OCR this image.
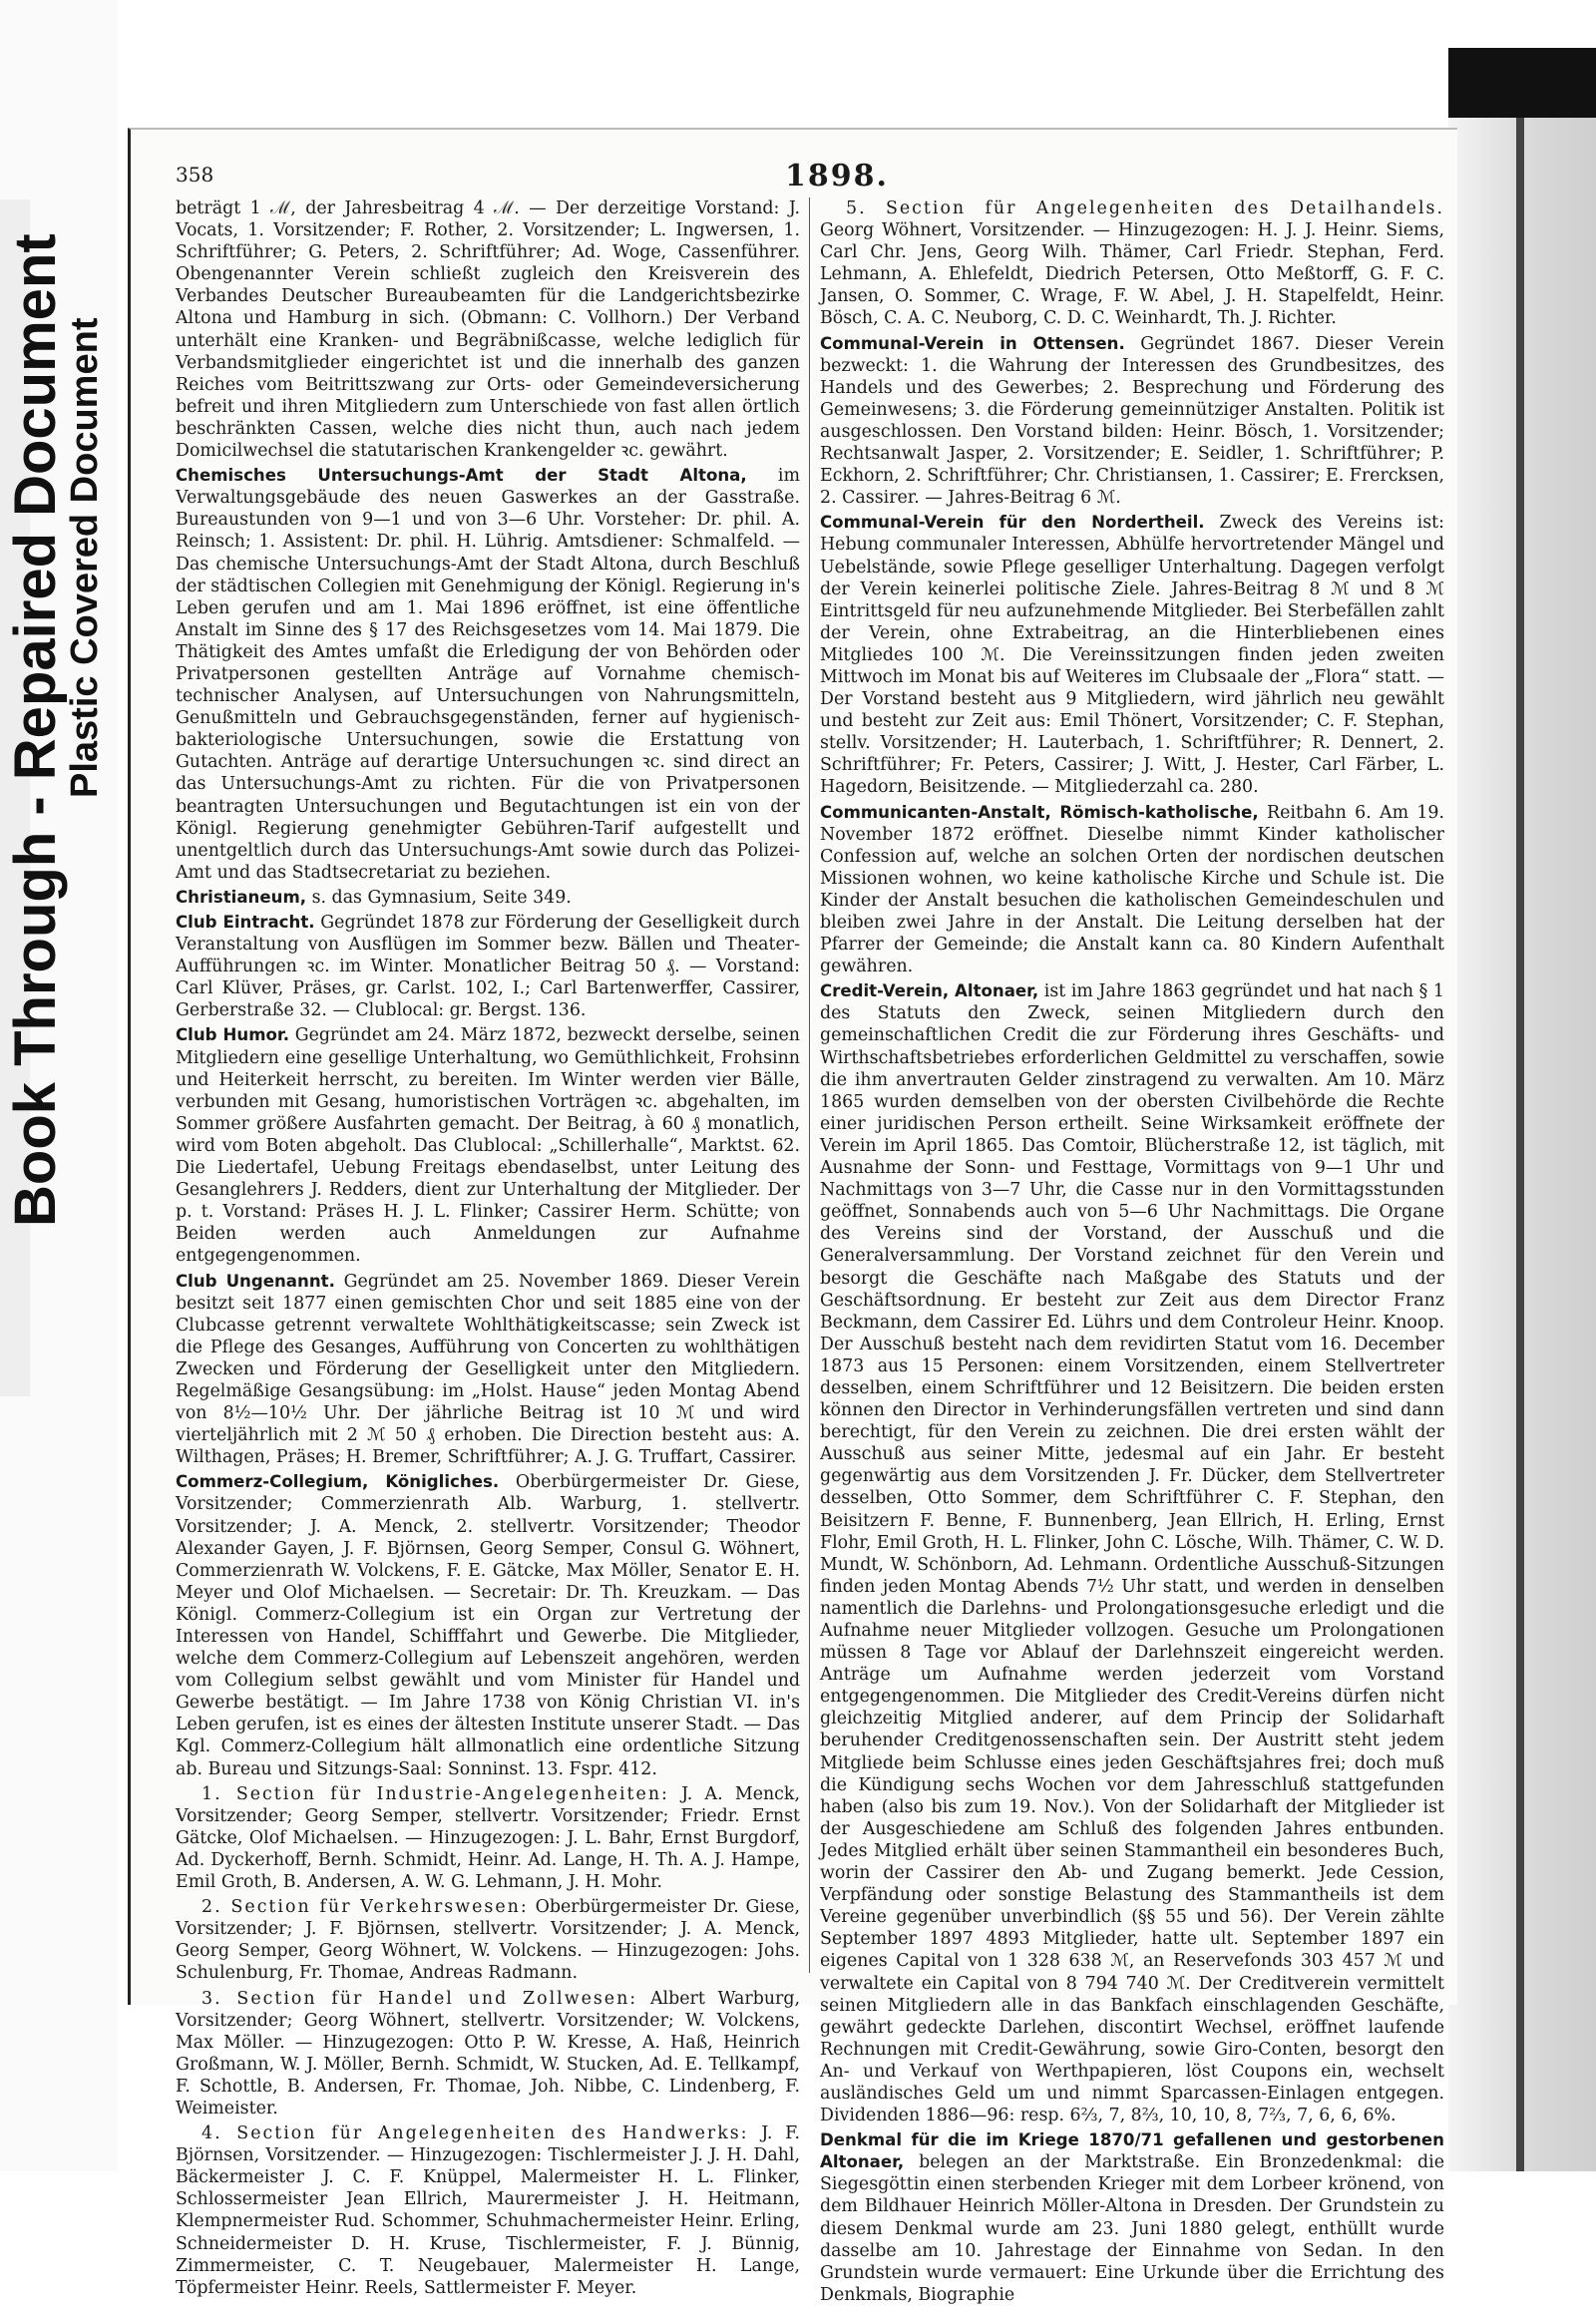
Book Through - Repaired Document
Plastic Covered Document
358	1898.

beträgt 1 ℳ, der Jahresbeitrag 4 ℳ. — Der derzeitige Vorstand: J. Vocats, 1. Vorsitzender; F. Rother, 2. Vorsitzender; L. Ingwersen, 1. Schriftführer; G. Peters, 2. Schriftführer; Ad. Woge, Cassenführer. Obengenannter Verein schließt zugleich den Kreisverein des Verbandes Deutscher Bureaubeamten für die Landgerichtsbezirke Altona und Hamburg in sich. (Obmann: C. Vollhorn.) Der Verband unterhält eine Kranken- und Begräbnißcasse, welche lediglich für Verbandsmitglieder eingerichtet ist und die innerhalb des ganzen Reiches vom Beitrittszwang zur Orts- oder Gemeindeversicherung befreit und ihren Mitgliedern zum Unterschiede von fast allen örtlich beschränkten Cassen, welche dies nicht thun, auch nach jedem Domicilwechsel die statutarischen Krankengelder ꝛc. gewährt.

Chemisches Untersuchungs-Amt der Stadt Altona, im Verwaltungsgebäude des neuen Gaswerkes an der Gasstraße. Bureaustunden von 9—1 und von 3—6 Uhr. Vorsteher: Dr. phil. A. Reinsch; 1. Assistent: Dr. phil. H. Lührig. Amtsdiener: Schmalfeld. — Das chemische Untersuchungs-Amt der Stadt Altona, durch Beschluß der städtischen Collegien mit Genehmigung der Königl. Regierung in's Leben gerufen und am 1. Mai 1896 eröffnet, ist eine öffentliche Anstalt im Sinne des § 17 des Reichsgesetzes vom 14. Mai 1879. Die Thätigkeit des Amtes umfaßt die Erledigung der von Behörden oder Privatpersonen gestellten Anträge auf Vornahme chemisch-technischer Analysen, auf Untersuchungen von Nahrungsmitteln, Genußmitteln und Gebrauchsgegenständen, ferner auf hygienisch-bakteriologische Untersuchungen, sowie die Erstattung von Gutachten. Anträge auf derartige Untersuchungen ꝛc. sind direct an das Untersuchungs-Amt zu richten. Für die von Privatpersonen beantragten Untersuchungen und Begutachtungen ist ein von der Königl. Regierung genehmigter Gebühren-Tarif aufgestellt und unentgeltlich durch das Untersuchungs-Amt sowie durch das Polizei-Amt und das Stadtsecretariat zu beziehen.

Christianeum, s. das Gymnasium, Seite 349.

Club Eintracht. Gegründet 1878 zur Förderung der Geselligkeit durch Veranstaltung von Ausflügen im Sommer bezw. Bällen und Theater-Aufführungen ꝛc. im Winter. Monatlicher Beitrag 50 ₰. — Vorstand: Carl Klüver, Präses, gr. Carlst. 102, I.; Carl Bartenwerffer, Cassirer, Gerberstraße 32. — Clublocal: gr. Bergst. 136.

Club Humor. Gegründet am 24. März 1872, bezweckt derselbe, seinen Mitgliedern eine gesellige Unterhaltung, wo Gemüthlichkeit, Frohsinn und Heiterkeit herrscht, zu bereiten. Im Winter werden vier Bälle, verbunden mit Gesang, humoristischen Vorträgen ꝛc. abgehalten, im Sommer größere Ausfahrten gemacht. Der Beitrag, à 60 ₰ monatlich, wird vom Boten abgeholt. Das Clublocal: „Schillerhalle“, Marktst. 62. Die Liedertafel, Uebung Freitags ebendaselbst, unter Leitung des Gesanglehrers J. Redders, dient zur Unterhaltung der Mitglieder. Der p. t. Vorstand: Präses H. J. L. Flinker; Cassirer Herm. Schütte; von Beiden werden auch Anmeldungen zur Aufnahme entgegengenommen.

Club Ungenannt. Gegründet am 25. November 1869. Dieser Verein besitzt seit 1877 einen gemischten Chor und seit 1885 eine von der Clubcasse getrennt verwaltete Wohlthätigkeitscasse; sein Zweck ist die Pflege des Gesanges, Aufführung von Concerten zu wohlthätigen Zwecken und Förderung der Geselligkeit unter den Mitgliedern. Regelmäßige Gesangsübung: im „Holst. Hause“ jeden Montag Abend von 8½—10½ Uhr. Der jährliche Beitrag ist 10 ℳ und wird vierteljährlich mit 2 ℳ 50 ₰ erhoben. Die Direction besteht aus: A. Wilthagen, Präses; H. Bremer, Schriftführer; A. J. G. Truffart, Cassirer.

Commerz-Collegium, Königliches. Oberbürgermeister Dr. Giese, Vorsitzender; Commerzienrath Alb. Warburg, 1. stellvertr. Vorsitzender; J. A. Menck, 2. stellvertr. Vorsitzender; Theodor Alexander Gayen, J. F. Björnsen, Georg Semper, Consul G. Wöhnert, Commerzienrath W. Volckens, F. E. Gätcke, Max Möller, Senator E. H. Meyer und Olof Michaelsen. — Secretair: Dr. Th. Kreuzkam. — Das Königl. Commerz-Collegium ist ein Organ zur Vertretung der Interessen von Handel, Schifffahrt und Gewerbe. Die Mitglieder, welche dem Commerz-Collegium auf Lebenszeit angehören, werden vom Collegium selbst gewählt und vom Minister für Handel und Gewerbe bestätigt. — Im Jahre 1738 von König Christian VI. in's Leben gerufen, ist es eines der ältesten Institute unserer Stadt. — Das Kgl. Commerz-Collegium hält allmonatlich eine ordentliche Sitzung ab. Bureau und Sitzungs-Saal: Sonninst. 13. Fspr. 412.

1. Section für Industrie-Angelegenheiten: J. A. Menck, Vorsitzender; Georg Semper, stellvertr. Vorsitzender; Friedr. Ernst Gätcke, Olof Michaelsen. — Hinzugezogen: J. L. Bahr, Ernst Burgdorf, Ad. Dyckerhoff, Bernh. Schmidt, Heinr. Ad. Lange, H. Th. A. J. Hampe, Emil Groth, B. Andersen, A. W. G. Lehmann, J. H. Mohr.

2. Section für Verkehrswesen: Oberbürgermeister Dr. Giese, Vorsitzender; J. F. Björnsen, stellvertr. Vorsitzender; J. A. Menck, Georg Semper, Georg Wöhnert, W. Volckens. — Hinzugezogen: Johs. Schulenburg, Fr. Thomae, Andreas Radmann.

3. Section für Handel und Zollwesen: Albert Warburg, Vorsitzender; Georg Wöhnert, stellvertr. Vorsitzender; W. Volckens, Max Möller. — Hinzugezogen: Otto P. W. Kresse, A. Haß, Heinrich Großmann, W. J. Möller, Bernh. Schmidt, W. Stucken, Ad. E. Tellkampf, F. Schottle, B. Andersen, Fr. Thomae, Joh. Nibbe, C. Lindenberg, F. Weimeister.

4. Section für Angelegenheiten des Handwerks: J. F. Björnsen, Vorsitzender. — Hinzugezogen: Tischlermeister J. J. H. Dahl, Bäckermeister J. C. F. Knüppel, Malermeister H. L. Flinker, Schlossermeister Jean Ellrich, Maurermeister J. H. Heitmann, Klempnermeister Rud. Schommer, Schuhmachermeister Heinr. Erling, Schneidermeister D. H. Kruse, Tischlermeister, F. J. Bünnig, Zimmermeister, C. T. Neugebauer, Malermeister H. Lange, Töpfermeister Heinr. Reels, Sattlermeister F. Meyer.

5. Section für Angelegenheiten des Detailhandels. Georg Wöhnert, Vorsitzender. — Hinzugezogen: H. J. J. Heinr. Siems, Carl Chr. Jens, Georg Wilh. Thämer, Carl Friedr. Stephan, Ferd. Lehmann, A. Ehlefeldt, Diedrich Petersen, Otto Meßtorff, G. F. C. Jansen, O. Sommer, C. Wrage, F. W. Abel, J. H. Stapelfeldt, Heinr. Bösch, C. A. C. Neuborg, C. D. C. Weinhardt, Th. J. Richter.

Communal-Verein in Ottensen. Gegründet 1867. Dieser Verein bezweckt: 1. die Wahrung der Interessen des Grundbesitzes, des Handels und des Gewerbes; 2. Besprechung und Förderung des Gemeinwesens; 3. die Förderung gemeinnütziger Anstalten. Politik ist ausgeschlossen. Den Vorstand bilden: Heinr. Bösch, 1. Vorsitzender; Rechtsanwalt Jasper, 2. Vorsitzender; E. Seidler, 1. Schriftführer; P. Eckhorn, 2. Schriftführer; Chr. Christiansen, 1. Cassirer; E. Frercksen, 2. Cassirer. — Jahres-Beitrag 6 ℳ.

Communal-Verein für den Nordertheil. Zweck des Vereins ist: Hebung communaler Interessen, Abhülfe hervortretender Mängel und Uebelstände, sowie Pflege geselliger Unterhaltung. Dagegen verfolgt der Verein keinerlei politische Ziele. Jahres-Beitrag 8 ℳ und 8 ℳ Eintrittsgeld für neu aufzunehmende Mitglieder. Bei Sterbefällen zahlt der Verein, ohne Extrabeitrag, an die Hinterbliebenen eines Mitgliedes 100 ℳ. Die Vereinssitzungen finden jeden zweiten Mittwoch im Monat bis auf Weiteres im Clubsaale der „Flora“ statt. — Der Vorstand besteht aus 9 Mitgliedern, wird jährlich neu gewählt und besteht zur Zeit aus: Emil Thönert, Vorsitzender; C. F. Stephan, stellv. Vorsitzender; H. Lauterbach, 1. Schriftführer; R. Dennert, 2. Schriftführer; Fr. Peters, Cassirer; J. Witt, J. Hester, Carl Färber, L. Hagedorn, Beisitzende. — Mitgliederzahl ca. 280.

Communicanten-Anstalt, Römisch-katholische, Reitbahn 6. Am 19. November 1872 eröffnet. Dieselbe nimmt Kinder katholischer Confession auf, welche an solchen Orten der nordischen deutschen Missionen wohnen, wo keine katholische Kirche und Schule ist. Die Kinder der Anstalt besuchen die katholischen Gemeindeschulen und bleiben zwei Jahre in der Anstalt. Die Leitung derselben hat der Pfarrer der Gemeinde; die Anstalt kann ca. 80 Kindern Aufenthalt gewähren.

Credit-Verein, Altonaer, ist im Jahre 1863 gegründet und hat nach § 1 des Statuts den Zweck, seinen Mitgliedern durch den gemeinschaftlichen Credit die zur Förderung ihres Geschäfts- und Wirthschaftsbetriebes erforderlichen Geldmittel zu verschaffen, sowie die ihm anvertrauten Gelder zinstragend zu verwalten. Am 10. März 1865 wurden demselben von der obersten Civilbehörde die Rechte einer juridischen Person ertheilt. Seine Wirksamkeit eröffnete der Verein im April 1865. Das Comtoir, Blücherstraße 12, ist täglich, mit Ausnahme der Sonn- und Festtage, Vormittags von 9—1 Uhr und Nachmittags von 3—7 Uhr, die Casse nur in den Vormittagsstunden geöffnet, Sonnabends auch von 5—6 Uhr Nachmittags. Die Organe des Vereins sind der Vorstand, der Ausschuß und die Generalversammlung. Der Vorstand zeichnet für den Verein und besorgt die Geschäfte nach Maßgabe des Statuts und der Geschäftsordnung. Er besteht zur Zeit aus dem Director Franz Beckmann, dem Cassirer Ed. Lührs und dem Controleur Heinr. Knoop. Der Ausschuß besteht nach dem revidirten Statut vom 16. December 1873 aus 15 Personen: einem Vorsitzenden, einem Stellvertreter desselben, einem Schriftführer und 12 Beisitzern. Die beiden ersten können den Director in Verhinderungsfällen vertreten und sind dann berechtigt, für den Verein zu zeichnen. Die drei ersten wählt der Ausschuß aus seiner Mitte, jedesmal auf ein Jahr. Er besteht gegenwärtig aus dem Vorsitzenden J. Fr. Dücker, dem Stellvertreter desselben, Otto Sommer, dem Schriftführer C. F. Stephan, den Beisitzern F. Benne, F. Bunnenberg, Jean Ellrich, H. Erling, Ernst Flohr, Emil Groth, H. L. Flinker, John C. Lösche, Wilh. Thämer, C. W. D. Mundt, W. Schönborn, Ad. Lehmann. Ordentliche Ausschuß-Sitzungen finden jeden Montag Abends 7½ Uhr statt, und werden in denselben namentlich die Darlehns- und Prolongationsgesuche erledigt und die Aufnahme neuer Mitglieder vollzogen. Gesuche um Prolongationen müssen 8 Tage vor Ablauf der Darlehnszeit eingereicht werden. Anträge um Aufnahme werden jederzeit vom Vorstand entgegengenommen. Die Mitglieder des Credit-Vereins dürfen nicht gleichzeitig Mitglied anderer, auf dem Princip der Solidarhaft beruhender Creditgenossenschaften sein. Der Austritt steht jedem Mitgliede beim Schlusse eines jeden Geschäftsjahres frei; doch muß die Kündigung sechs Wochen vor dem Jahresschluß stattgefunden haben (also bis zum 19. Nov.). Von der Solidarhaft der Mitglieder ist der Ausgeschiedene am Schluß des folgenden Jahres entbunden. Jedes Mitglied erhält über seinen Stammantheil ein besonderes Buch, worin der Cassirer den Ab- und Zugang bemerkt. Jede Cession, Verpfändung oder sonstige Belastung des Stammantheils ist dem Vereine gegenüber unverbindlich (§§ 55 und 56). Der Verein zählte September 1897 4893 Mitglieder, hatte ult. September 1897 ein eigenes Capital von 1 328 638 ℳ, an Reservefonds 303 457 ℳ und verwaltete ein Capital von 8 794 740 ℳ. Der Creditverein vermittelt seinen Mitgliedern alle in das Bankfach einschlagenden Geschäfte, gewährt gedeckte Darlehen, discontirt Wechsel, eröffnet laufende Rechnungen mit Credit-Gewährung, sowie Giro-Conten, besorgt den An- und Verkauf von Werthpapieren, löst Coupons ein, wechselt ausländisches Geld um und nimmt Sparcassen-Einlagen entgegen. Dividenden 1886—96: resp. 6⅔, 7, 8⅔, 10, 10, 8, 7⅔, 7, 6, 6, 6%.

Denkmal für die im Kriege 1870/71 gefallenen und gestorbenen Altonaer, belegen an der Marktstraße. Ein Bronzedenkmal: die Siegesgöttin einen sterbenden Krieger mit dem Lorbeer krönend, von dem Bildhauer Heinrich Möller-Altona in Dresden. Der Grundstein zu diesem Denkmal wurde am 23. Juni 1880 gelegt, enthüllt wurde dasselbe am 10. Jahrestage der Einnahme von Sedan. In den Grundstein wurde vermauert: Eine Urkunde über die Errichtung des Denkmals, Biographie
